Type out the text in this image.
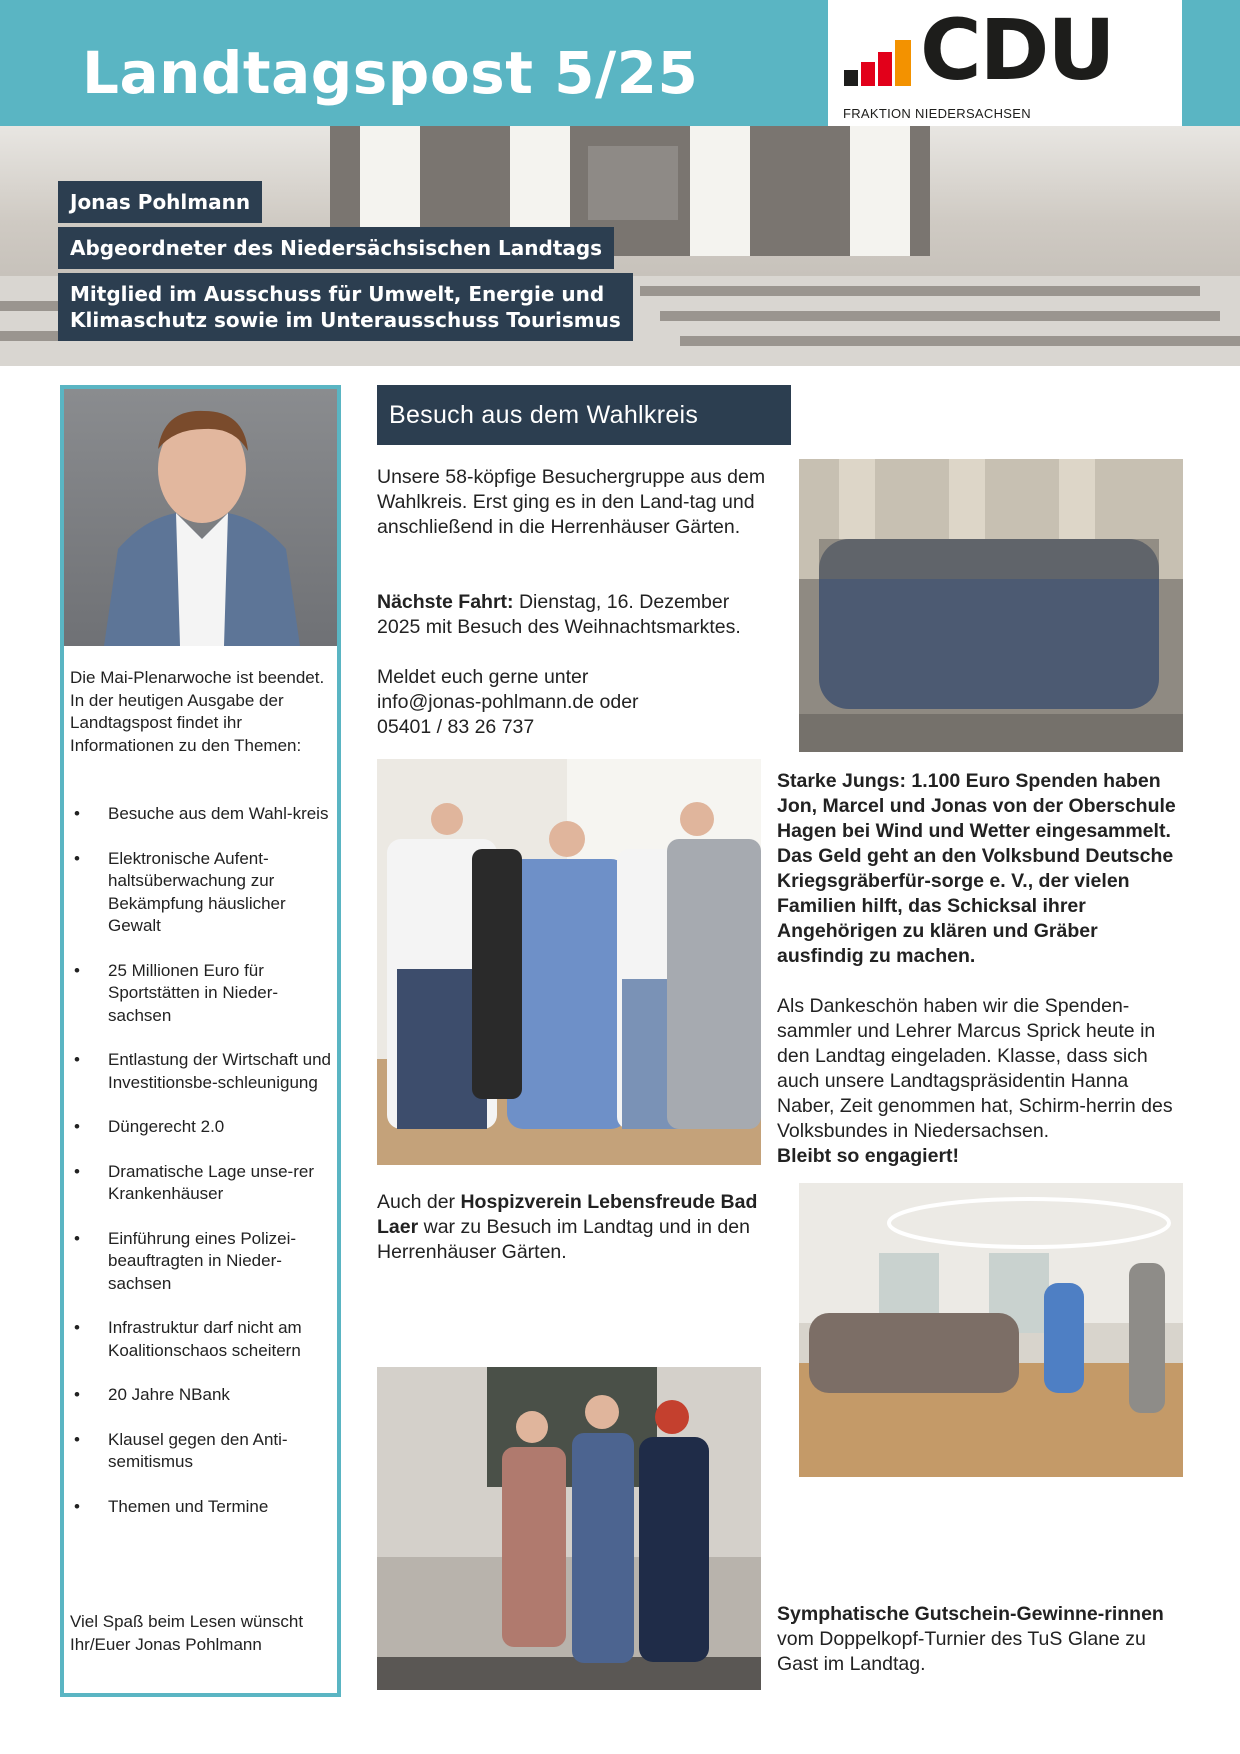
Landtagspost 5/25	CDU
FRAKTION NIEDERSACHSEN
Jonas Pohlmann
Abgeordneter des Niedersächsischen Landtags
Mitglied im Ausschuss für Umwelt, Energie und
Klimaschutz sowie im Unterausschuss Tourismus
Die Mai-Plenarwoche ist beendet. In der heutigen Ausgabe der Landtagspost findet ihr Informationen zu den Themen:
• Besuche aus dem Wahl-kreis
• Elektronische Aufent-haltsüberwachung zur Bekämpfung häuslicher Gewalt
• 25 Millionen Euro für Sportstätten in Nieder-sachsen
• Entlastung der Wirtschaft und Investitionsbe-schleunigung
• Düngerecht 2.0
• Dramatische Lage unse-rer Krankenhäuser
• Einführung eines Polizei-beauftragten in Nieder-sachsen
• Infrastruktur darf nicht am Koalitionschaos scheitern
• 20 Jahre NBank
• Klausel gegen den Anti-semitismus
• Themen und Termine
Viel Spaß beim Lesen wünscht
Ihr/Euer Jonas Pohlmann
Besuch aus dem Wahlkreis
Unsere 58-köpfige Besuchergruppe aus dem Wahlkreis. Erst ging es in den Land-tag und anschließend in die Herrenhäuser Gärten.
Nächste Fahrt: Dienstag, 16. Dezember 2025 mit Besuch des Weihnachtsmarktes.
Meldet euch gerne unter
info@jonas-pohlmann.de oder
05401 / 83 26 737
Starke Jungs: 1.100 Euro Spenden haben Jon, Marcel und Jonas von der Oberschule Hagen bei Wind und Wetter eingesammelt. Das Geld geht an den Volksbund Deutsche Kriegsgräberfür-sorge e. V., der vielen Familien hilft, das Schicksal ihrer Angehörigen zu klären und Gräber ausfindig zu machen.
Als Dankeschön haben wir die Spenden-sammler und Lehrer Marcus Sprick heute in den Landtag eingeladen. Klasse, dass sich auch unsere Landtagspräsidentin Hanna Naber, Zeit genommen hat, Schirm-herrin des Volksbundes in Niedersachsen.
Bleibt so engagiert!
Auch der Hospizverein Lebensfreude Bad Laer war zu Besuch im Landtag und in den Herrenhäuser Gärten.
Symphatische Gutschein-Gewinne-rinnen vom Doppelkopf-Turnier des TuS Glane zu Gast im Landtag.
